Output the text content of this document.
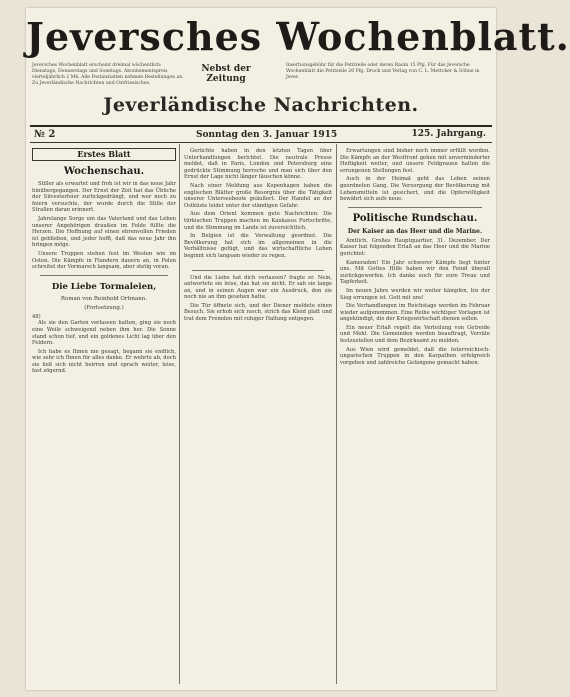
Jeversches Wochenblatt.
Jeversches Wochenblatt erscheint dreimal wöchentlich: Dienstags, Donnerstags und Sonntags. Abonnementspreis vierteljährlich 2 Mk. Alle Postanstalten nehmen Bestellungen an. Zu Jeverländische Nachrichten und Ostfriesisches.
Nebst der Zeitung
Insertionsgebühr für die Petitzeile oder deren Raum 15 Pfg. Für das Jeversche Wochenblatt die Petitzeile 20 Pfg. Druck und Verlag von C. L. Mettcker & Söhne in Jever.
Jeverländische Nachrichten.
№ 2	Sonntag den 3. Januar 1915	125. Jahrgang.
Erstes Blatt
Wochenschau.
Stiller als erwartet und froh ist wir in das neue Jahr hinübergegangen. Der Ernst der Zeit hat das Übliche der Silvesterfeier zurückgedrängt, und wer noch zu feiern versuchte, der wurde durch die Stille der Straßen daran erinnert.
Jahrelange Sorge um das Vaterland und das Leben unserer Angehörigen draußen im Felde füllte die Herzen. Die Hoffnung auf einen ehrenvollen Frieden ist geblieben, und jeder hofft, daß das neue Jahr ihn bringen möge.
Unsere Truppen stehen fest im Westen wie im Osten. Die Kämpfe in Flandern dauern an, in Polen schreitet der Vormarsch langsam, aber stetig voran.
Die Liebe Tormaleien,
Roman von Reinhold Ortmann.
(Fortsetzung.)
48)
Als sie den Garten verlassen hatten, ging sie noch eine Weile schweigend neben ihm her. Die Sonne stand schon tief, und ein goldenes Licht lag über den Feldern.
Ich habe es Ihnen nie gesagt, begann sie endlich, wie sehr ich Ihnen für alles danke. Er wehrte ab, doch sie ließ sich nicht beirren und sprach weiter, leise, fast zögernd.
Gerüchte haben in den letzten Tagen über Unterhandlungen berichtet. Die neutrale Presse meldet, daß in Paris, London und Petersburg eine gedrückte Stimmung herrsche und man sich über den Ernst der Lage nicht länger täuschen könne.
Nach einer Meldung aus Kopenhagen haben die englischen Blätter große Besorgnis über die Tätigkeit unserer Unterseeboote geäußert. Der Handel an der Ostküste leidet unter der ständigen Gefahr.
Aus dem Orient kommen gute Nachrichten. Die türkischen Truppen machen im Kaukasus Fortschritte, und die Stimmung im Lande ist zuversichtlich.
In Belgien ist die Verwaltung geordnet. Die Bevölkerung hat sich im allgemeinen in die Verhältnisse gefügt, und das wirtschaftliche Leben beginnt sich langsam wieder zu regen.
Und die Liebe hat dich verlassen? fragte er. Nein, antwortete sie leise, das hat sie nicht. Er sah sie lange an, und in seinen Augen war ein Ausdruck, den sie noch nie an ihm gesehen hatte.
Die Tür öffnete sich, und der Diener meldete einen Besuch. Sie erhob sich rasch, strich das Kleid glatt und trat dem Fremden mit ruhiger Haltung entgegen.
Erwartungen sind bisher noch immer erfüllt worden. Die Kämpfe an der Westfront gehen mit unverminderter Heftigkeit weiter, und unsere Feldgrauen halten die errungenen Stellungen fest.
Auch in der Heimat geht das Leben seinen geordneten Gang. Die Versorgung der Bevölkerung mit Lebensmitteln ist gesichert, und die Opferwilligkeit bewährt sich aufs neue.
Politische Rundschau.
Der Kaiser an das Heer und die Marine.
Amtlich. Großes Hauptquartier, 31. Dezember. Der Kaiser hat folgenden Erlaß an das Heer und die Marine gerichtet:
Kameraden! Ein Jahr schwerer Kämpfe liegt hinter uns. Mit Gottes Hilfe haben wir den Feind überall zurückgeworfen. Ich danke euch für eure Treue und Tapferkeit.
Im neuen Jahre werden wir weiter kämpfen, bis der Sieg errungen ist. Gott mit uns!
Die Verhandlungen im Reichstage werden im Februar wieder aufgenommen. Eine Reihe wichtiger Vorlagen ist angekündigt, die der Kriegswirtschaft dienen sollen.
Ein neuer Erlaß regelt die Verteilung von Getreide und Mehl. Die Gemeinden werden beauftragt, Vorräte festzustellen und dem Bezirksamt zu melden.
Aus Wien wird gemeldet, daß die österreichisch-ungarischen Truppen in den Karpathen erfolgreich vorgehen und zahlreiche Gefangene gemacht haben.
